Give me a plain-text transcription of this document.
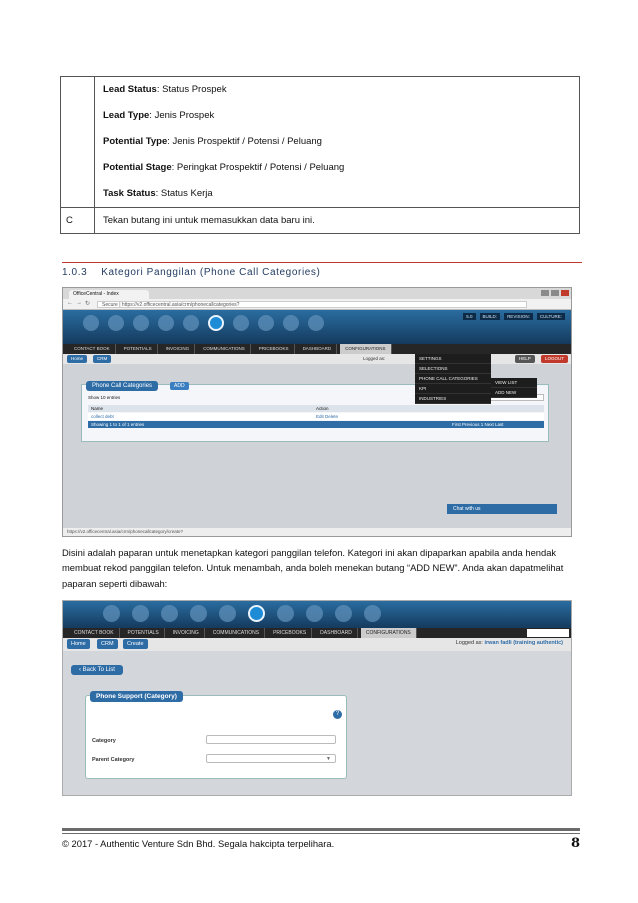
	Lead Status: Status Prospek
Lead Type: Jenis Prospek
Potential Type: Jenis Prospektif / Potensi / Peluang
Potential Stage: Peringkat Prospektif / Potensi / Peluang
Task Status: Status Kerja

C	Tekan butang ini untuk memasukkan data baru ini.
1.0.3 Kategori Panggilan (Phone Call Categories)
OfficeCentral - Index
← → ↻	Secure | https://v2.officecentral.asia/crm/phonecallcategories?
5.0	BUILD:	REVISION:	CULTURE:
CONTACT BOOK	POTENTIALS	INVOICING	COMMUNICATIONS	PRICEBOOKS	DASHBOARD	CONFIGURATIONS
Home	CRM	Logged as:	HELP	LOGOUT
SETTINGS
SELECTIONS
PHONE CALL CATEGORIES
KPI
INDUSTRIES
VIEW LIST
ADD NEW
Phone Call Categories	ADD
Show 10 entries
Name	Action
collect debt	Edit Delete
Showing 1 to 1 of 1 entries	First Previous 1 Next Last
Chat with us
https://v2.officecentral.asia/crm/phonecallcategory/create?

Disini adalah paparan untuk menetapkan kategori panggilan telefon. Kategori ini akan dipaparkan apabila anda hendak membuat rekod panggilan telefon. Untuk menambah, anda boleh menekan butang “ADD NEW”. Anda akan dapatmelihat paparan seperti dibawah:

CONTACT BOOK	POTENTIALS	INVOICING	COMMUNICATIONS	PRICEBOOKS	DASHBOARD	CONFIGURATIONS
Home	CRM	Create	Logged as: irwan fadli (training authentic)
‹ Back To List
Phone Support (Category)
?
Category
Parent Category	▼
© 2017 - Authentic Venture Sdn Bhd. Segala hakcipta terpelihara.	8
